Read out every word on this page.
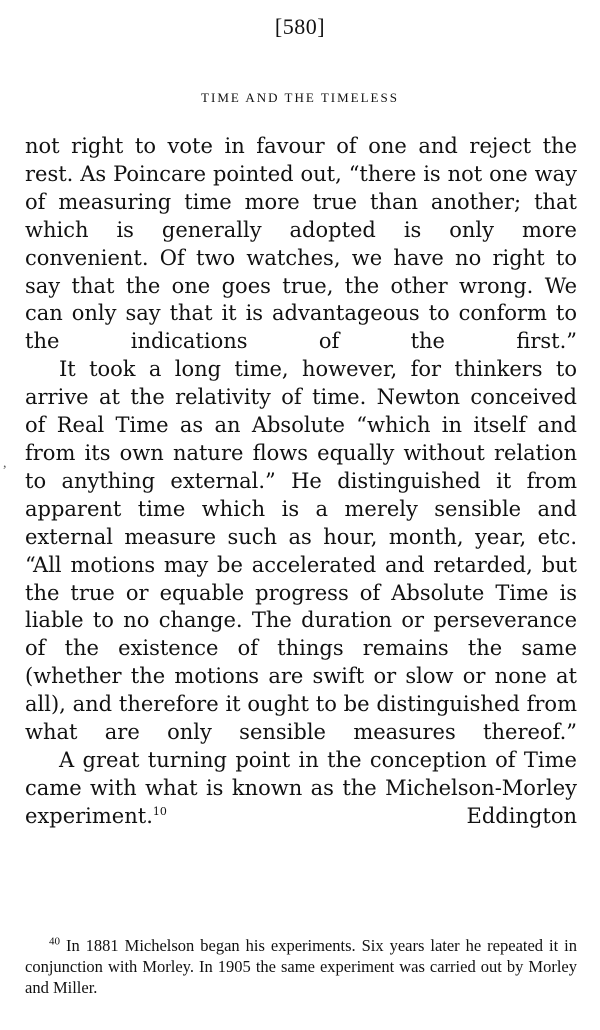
[580]
TIME AND THE TIMELESS
,

not right to vote in favour of one and reject the rest. As Poincare pointed out, “there is not one way of measuring time more true than another; that which is generally adopted is only more convenient. Of two watches, we have no right to say that the one goes true, the other wrong. We can only say that it is advantageous to conform to the indications of the first.”

It took a long time, however, for thinkers to arrive at the relativity of time. Newton conceived of Real Time as an Absolute “which in itself and from its own nature flows equally without relation to anything external.” He distinguished it from apparent time which is a merely sensible and external measure such as hour, month, year, etc. “All motions may be accelerated and retarded, but the true or equable progress of Absolute Time is liable to no change. The duration or perseverance of the existence of things remains the same (whether the motions are swift or slow or none at all), and therefore it ought to be distinguished from what are only sensible measures thereof.”

A great turning point in the conception of Time came with what is known as the Michelson-Morley experiment.$^{10}$	Eddington

$^{40}$ In 1881 Michelson began his experiments. Six years later he repeated it in conjunction with Morley. In 1905 the same experiment was carried out by Morley and Miller.
